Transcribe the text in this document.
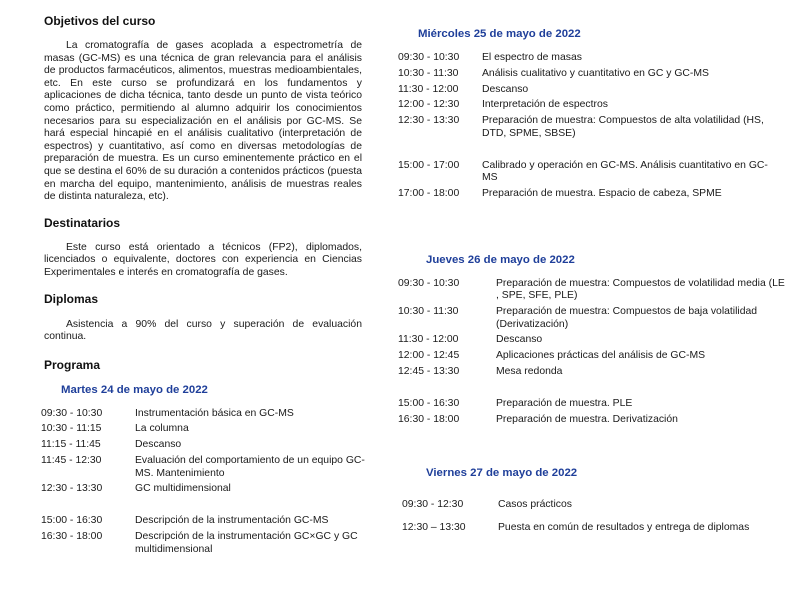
Objetivos del curso

La cromatografía de gases acoplada a espectrometría de masas (GC-MS) es una técnica de gran relevancia para el análisis de productos farmacéuticos, alimentos, muestras medioambientales, etc. En este curso se profundizará en los fundamentos y aplicaciones de dicha técnica, tanto desde un punto de vista teórico como práctico, permitiendo al alumno adquirir los conocimientos necesarios para su especialización en el análisis por GC-MS. Se hará especial hincapié en el análisis cualitativo (interpretación de espectros) y cuantitativo, así como en diversas metodologías de preparación de muestra. Es un curso eminentemente práctico en el que se destina el 60% de su duración a contenidos prácticos (puesta en marcha del equipo, mantenimiento, análisis de muestras reales de distinta naturaleza, etc).

Destinatarios

Este curso está orientado a técnicos (FP2), diplomados, licenciados o equivalente, doctores con experiencia en Ciencias Experimentales e interés en cromatografía de gases.

Diplomas

Asistencia a 90% del curso y superación de evaluación continua.

Programa
Martes 24 de mayo de 2022
09:30 - 10:30	Instrumentación básica en GC-MS
10:30 - 11:15	La columna
11:15 - 11:45	Descanso
11:45 - 12:30	Evaluación del comportamiento de un equipo GC-MS. Mantenimiento
12:30 - 13:30	GC multidimensional
15:00 - 16:30	Descripción de la instrumentación GC-MS
16:30 - 18:00	Descripción de la instrumentación GC×GC y GC multidimensional
Miércoles 25 de mayo de 2022
09:30 - 10:30	El espectro de masas
10:30 - 11:30	Análisis cualitativo y cuantitativo en GC y GC-MS
11:30 - 12:00	Descanso
12:00 - 12:30	Interpretación de espectros
12:30 - 13:30	Preparación de muestra: Compuestos de alta volatilidad (HS, DTD, SPME, SBSE)
15:00 - 17:00	Calibrado y operación en GC-MS. Análisis cuantitativo en GC-MS
17:00 - 18:00	Preparación de muestra. Espacio de cabeza, SPME
Jueves 26 de mayo de 2022
09:30 - 10:30	Preparación de muestra: Compuestos de volatilidad media (LE , SPE, SFE, PLE)
10:30 - 11:30	Preparación de muestra: Compuestos de baja volatilidad (Derivatización)
11:30 - 12:00	Descanso
12:00 - 12:45	Aplicaciones prácticas del análisis de GC-MS
12:45 - 13:30	Mesa redonda
15:00 - 16:30	Preparación de muestra. PLE
16:30 - 18:00	Preparación de muestra. Derivatización
Viernes 27 de mayo de 2022
09:30 - 12:30	Casos prácticos
12:30 – 13:30	Puesta en común de resultados y entrega de diplomas
